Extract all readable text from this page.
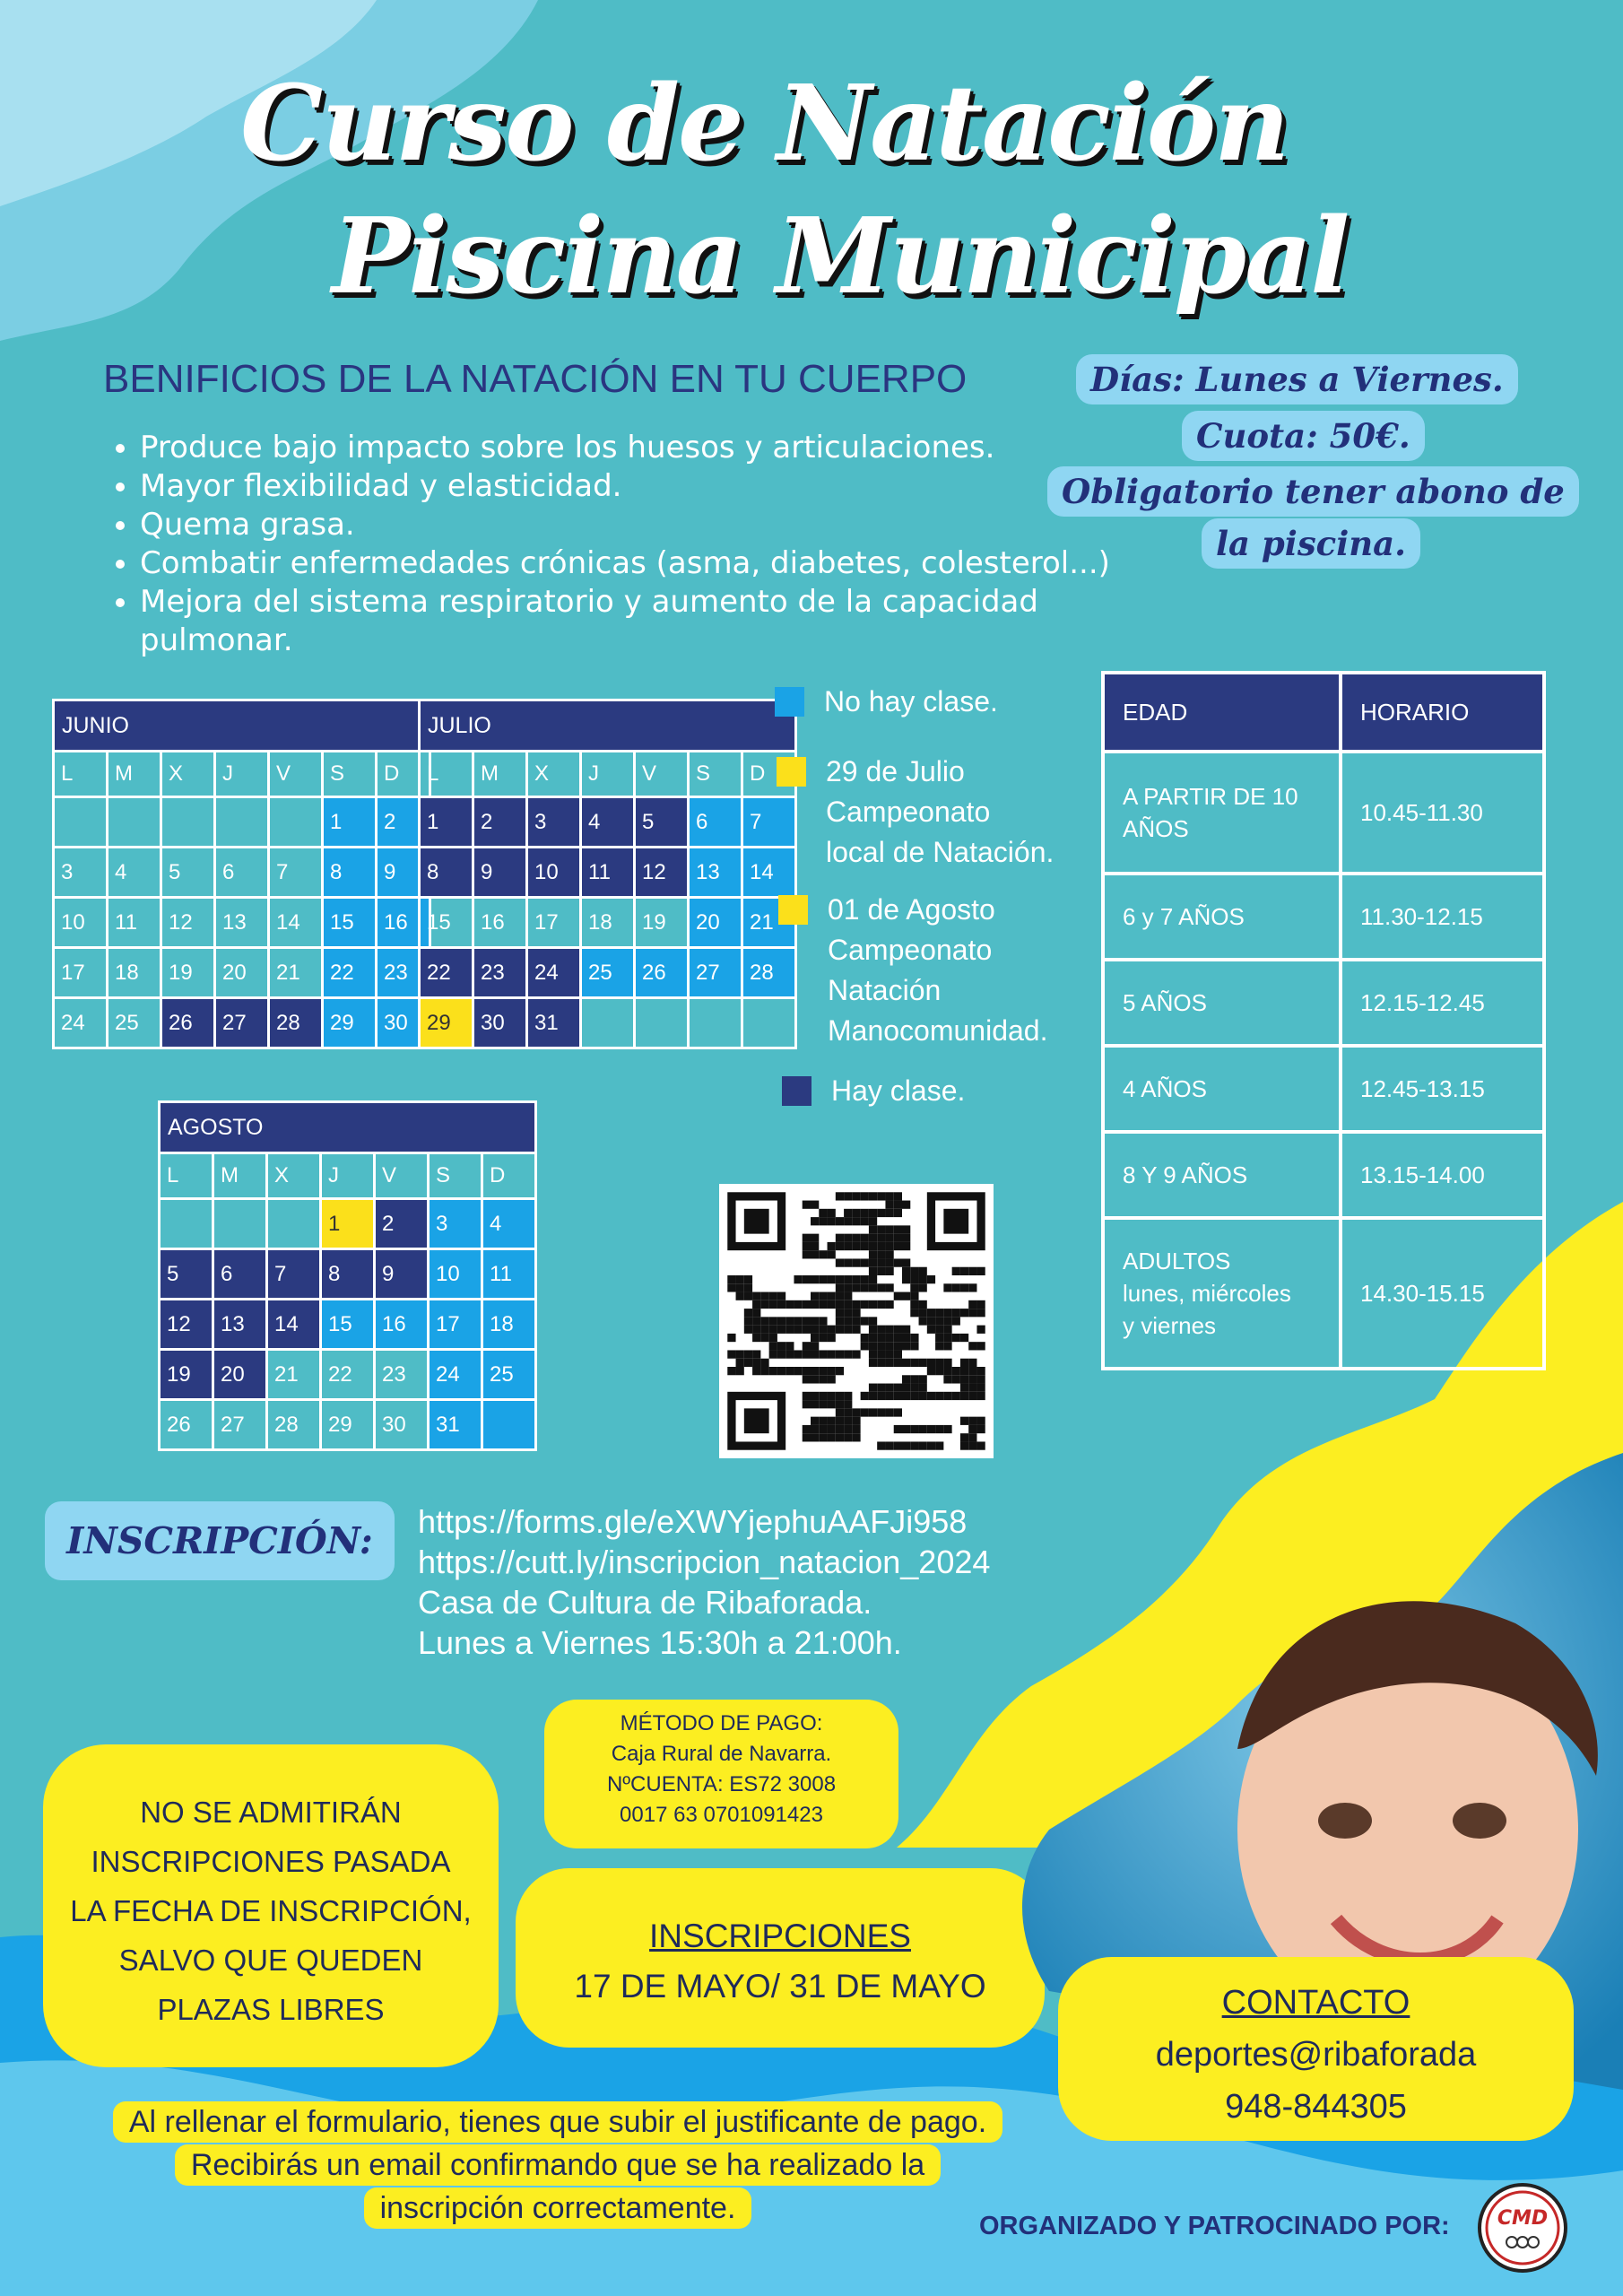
Curso de Natación
Piscina Municipal
BENIFICIOS DE LA NATACIÓN EN TU CUERPO
• Produce bajo impacto sobre los huesos y articulaciones.
• Mayor flexibilidad y elasticidad.
• Quema grasa.
• Combatir enfermedades crónicas (asma, diabetes, colesterol...)
• Mejora del sistema respiratorio y aumento de la capacidad pulmonar.
Días: Lunes a Viernes.
Cuota: 50€.
Obligatorio tener abono de
la piscina.
JUNIO						
L	M	X	J	V	S	D
					1	2
3	4	5	6	7	8	9
10	11	12	13	14	15	16
17	18	19	20	21	22	23
24	25	26	27	28	29	30
JULIO						
L	M	X	J	V	S	D
1	2	3	4	5	6	7
8	9	10	11	12	13	14
15	16	17	18	19	20	21
22	23	24	25	26	27	28
29	30	31				
AGOSTO						
L	M	X	J	V	S	D
			1	2	3	4
5	6	7	8	9	10	11
12	13	14	15	16	17	18
19	20	21	22	23	24	25
26	27	28	29	30	31	
No hay clase.
29 de Julio
Campeonato
local de Natación.
01 de Agosto
Campeonato
Natación
Manocomunidad.
Hay clase.
EDAD	HORARIO

A PARTIR DE 10
AÑOS	10.45-11.30

6 y 7 AÑOS	11.30-12.15

5 AÑOS	12.15-12.45

4 AÑOS	12.45-13.15

8 Y 9 AÑOS	13.15-14.00

ADULTOS
lunes, miércoles
y viernes	14.30-15.15
INSCRIPCIÓN:	https://forms.gle/eXWYjephuAAFJi958
https://cutt.ly/inscripcion_natacion_2024
Casa de Cultura de Ribaforada.
Lunes a Viernes 15:30h a 21:00h.
MÉTODO DE PAGO:
Caja Rural de Navarra.
NºCUENTA: ES72 3008
0017 63 0701091423
NO SE ADMITIRÁN
INSCRIPCIONES PASADA
LA FECHA DE INSCRIPCIÓN,
SALVO QUE QUEDEN
PLAZAS LIBRES
INSCRIPCIONES
17 DE MAYO/ 31 DE MAYO	CONTACTO
deportes@ribaforada
948-844305
Al rellenar el formulario, tienes que subir el justificante de pago.
Recibirás un email confirmando que se ha realizado la
inscripción correctamente.
ORGANIZADO Y PATROCINADO POR: CMD
